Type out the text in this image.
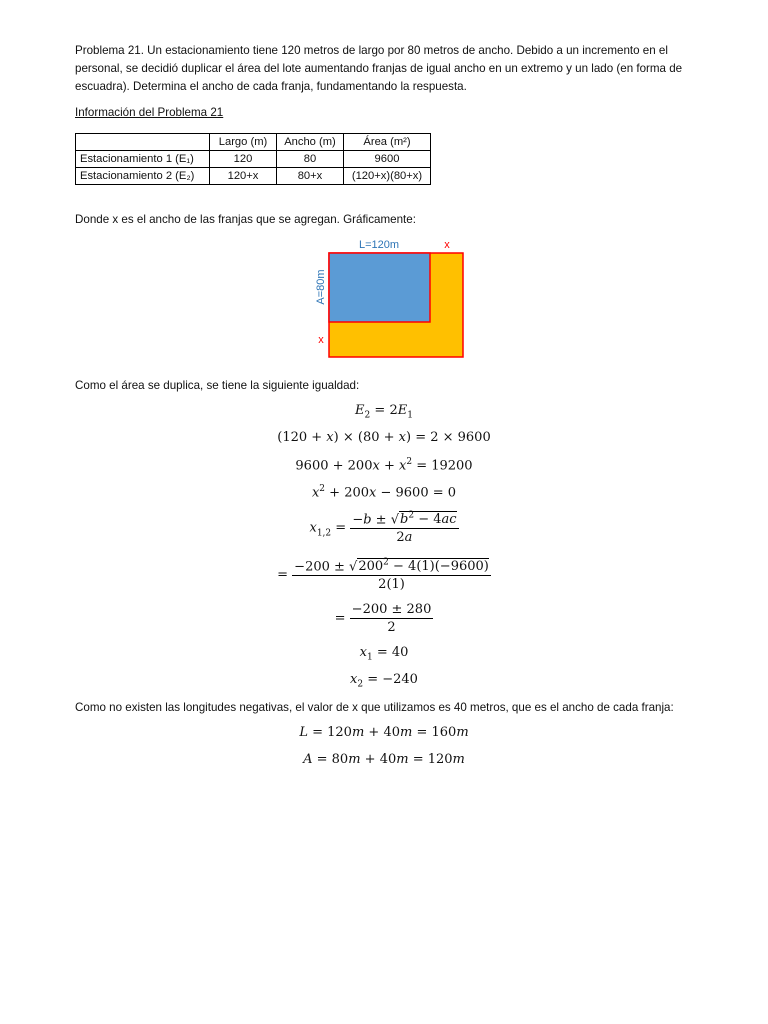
Problema 21. Un estacionamiento tiene 120 metros de largo por 80 metros de ancho. Debido a un incremento en el personal, se decidió duplicar el área del lote aumentando franjas de igual ancho en un extremo y un lado (en forma de escuadra). Determina el ancho de cada franja, fundamentando la respuesta.
Información del Problema 21
	Largo (m)	Ancho (m)	Área (m²)
Estacionamiento 1 (E₁)	120	80	9600
Estacionamiento 2 (E₂)	120+x	80+x	(120+x)(80+x)
Donde x es el ancho de las franjas que se agregan. Gráficamente:
L=120m	x
A=80m
x
Como el área se duplica, se tiene la siguiente igualdad:
$E_2 = 2E_1$
(120 + x) × (80 + x) = 2 × 9600
$9600 + 200x + x^2 = 19200$
$x^2 + 200x - 9600 = 0$
$x_{1,2} = \frac{-b \pm √b^2 - 4ac}{2a}$
= $\frac{-200 \pm √200^2 - 4(1)(-9600)}{2(1)}$
= $\frac{-200 \pm 280}{2}$
$x_1 = 40$
$x_2 = -240$
Como no existen las longitudes negativas, el valor de x que utilizamos es 40 metros, que es el ancho de cada franja:
L = 120m + 40m = 160m
A = 80m + 40m = 120m
